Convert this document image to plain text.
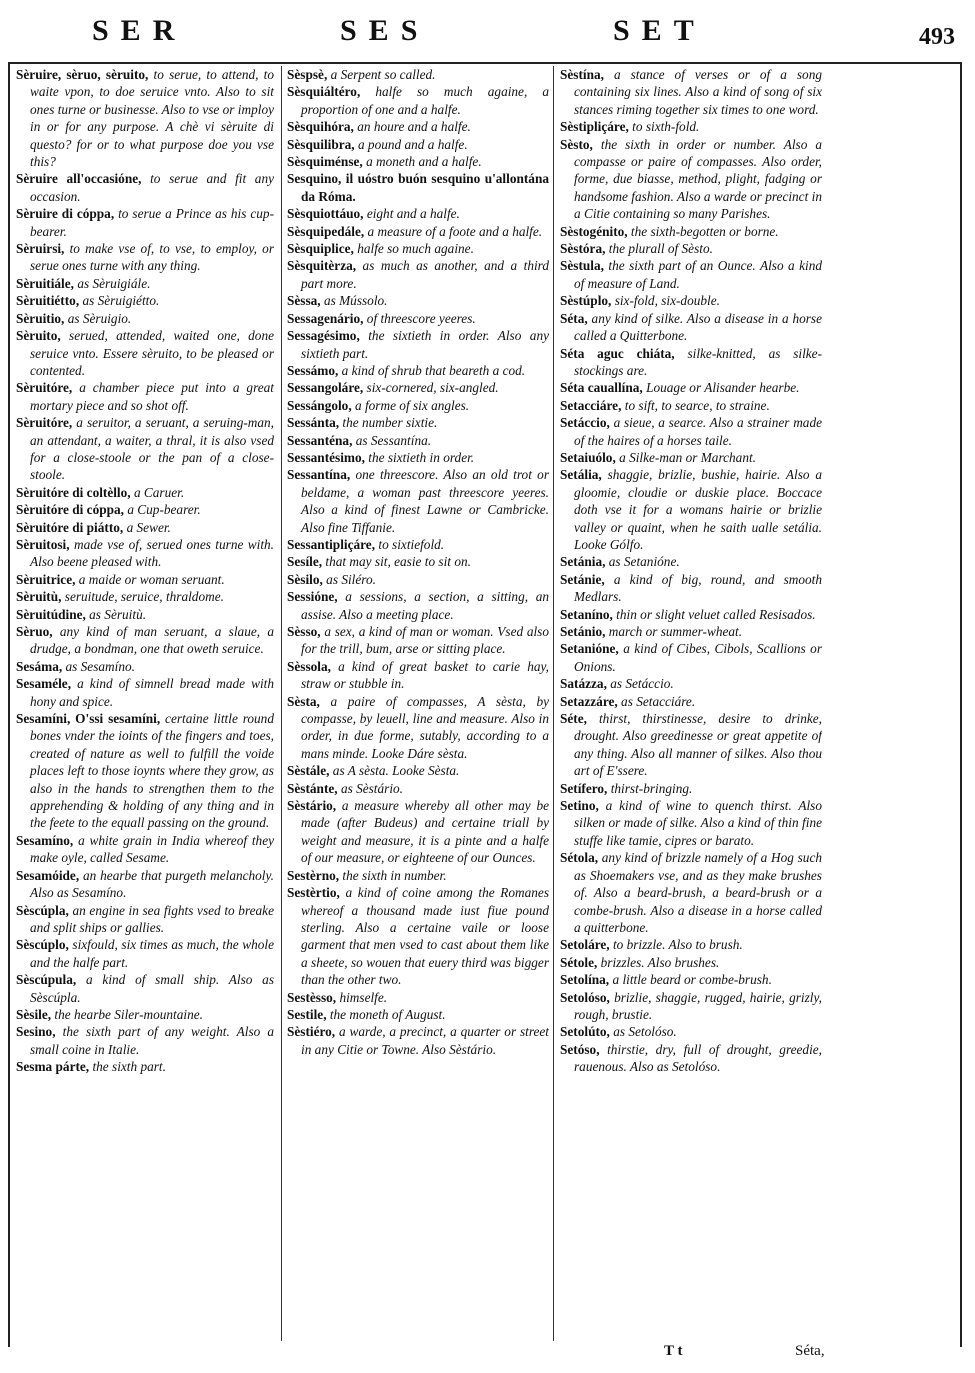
SER	SES	SET	493
Sèruire, sèruo, sèruito, to serue, to attend, to waite vpon, to doe seruice vnto. Also to sit ones turne or businesse. Also to vse or imploy in or for any purpose. A chè vi sèruite di questo? for or to what purpose doe you vse this?
Sèruire all'occasióne, to serue and fit any occasion.
Sèruire di cóppa, to serue a Prince as his cup-bearer.
Sèruirsi, to make vse of, to vse, to employ, or serue ones turne with any thing.
Sèruitiále, as Sèruigiále.
Sèruitiétto, as Sèruigiétto.
Sèruitio, as Sèruigio.
Sèruito, serued, attended, waited one, done seruice vnto. Essere sèruito, to be pleased or contented.
Sèruitóre, a chamber piece put into a great mortary piece and so shot off.
Sèruitóre, a seruitor, a seruant, a seruing-man, an attendant, a waiter, a thral, it is also vsed for a close-stoole or the pan of a close-stoole.
Sèruitóre di coltèllo, a Caruer.
Sèruitóre di cóppa, a Cup-bearer.
Sèruitóre di piátto, a Sewer.
Sèruitosi, made vse of, serued ones turne with. Also beene pleased with.
Sèruitrice, a maide or woman seruant.
Sèruitù, seruitude, seruice, thraldome.
Sèruitúdine, as Sèruitù.
Sèruo, any kind of man seruant, a slaue, a drudge, a bondman, one that oweth seruice.
Sesáma, as Sesamíno.
Sesaméle, a kind of simnell bread made with hony and spice.
Sesamíni, O'ssi sesamíni, certaine little round bones vnder the ioints of the fingers and toes, created of nature as well to fulfill the voide places left to those ioynts where they grow, as also in the hands to strengthen them to the apprehending & holding of any thing and in the feete to the equall passing on the ground.
Sesamíno, a white grain in India whereof they make oyle, called Sesame.
Sesamóide, an hearbe that purgeth melancholy. Also as Sesamíno.
Sèscúpla, an engine in sea fights vsed to breake and split ships or gallies.
Sèscúplo, sixfould, six times as much, the whole and the halfe part.
Sèscúpula, a kind of small ship. Also as Sèscúpla.
Sèsile, the hearbe Siler-mountaine.
Sesino, the sixth part of any weight. Also a small coine in Italie.
Sesma párte, the sixth part.
Sèspsè, a Serpent so called.
Sèsquiáltéro, halfe so much againe, a proportion of one and a halfe.
Sèsquihóra, an houre and a halfe.
Sèsquilibra, a pound and a halfe.
Sèsquiménse, a moneth and a halfe.
Sesquino, il uóstro buón sesquino u'allontána da Róma.
Sèsquiottáuo, eight and a halfe.
Sèsquipedále, a measure of a foote and a halfe.
Sèsquiplice, halfe so much againe.
Sèsquitèrza, as much as another, and a third part more.
Sèssa, as Mússolo.
Sessagenário, of threescore yeeres.
Sessagésimo, the sixtieth in order. Also any sixtieth part.
Sessámo, a kind of shrub that beareth a cod.
Sessangoláre, six-cornered, six-angled.
Sessángolo, a forme of six angles.
Sessánta, the number sixtie.
Sessanténa, as Sessantína.
Sessantésimo, the sixtieth in order.
Sessantína, one threescore. Also an old trot or beldame, a woman past threescore yeeres. Also a kind of finest Lawne or Cambricke. Also fine Tiffanie.
Sessantipliçáre, to sixtiefold.
Sesíle, that may sit, easie to sit on.
Sèsilo, as Siléro.
Sessióne, a sessions, a section, a sitting, an assise. Also a meeting place.
Sèsso, a sex, a kind of man or woman. Vsed also for the trill, bum, arse or sitting place.
Sèssola, a kind of great basket to carie hay, straw or stubble in.
Sèsta, a paire of compasses, A sèsta, by compasse, by leuell, line and measure. Also in order, in due forme, sutably, according to a mans minde. Looke Dáre sèsta.
Sèstále, as A sèsta. Looke Sèsta.
Sèstánte, as Sèstário.
Sèstário, a measure whereby all other may be made (after Budeus) and certaine triall by weight and measure, it is a pinte and a halfe of our measure, or eighteene of our Ounces.
Sestèrno, the sixth in number.
Sestèrtio, a kind of coine among the Romanes whereof a thousand made iust fiue pound sterling. Also a certaine vaile or loose garment that men vsed to cast about them like a sheete, so wouen that euery third was bigger than the other two.
Sestèsso, himselfe.
Sestile, the moneth of August.
Sèstiéro, a warde, a precinct, a quarter or street in any Citie or Towne. Also Sèstário.
Sèstína, a stance of verses or of a song containing six lines. Also a kind of song of six stances riming together six times to one word.
Sèstipliçáre, to sixth-fold.
Sèsto, the sixth in order or number. Also a compasse or paire of compasses. Also order, forme, due biasse, method, plight, fadging or handsome fashion. Also a warde or precinct in a Citie containing so many Parishes.
Sèstogénito, the sixth-begotten or borne.
Sèstóra, the plurall of Sèsto.
Sèstula, the sixth part of an Ounce. Also a kind of measure of Land.
Sèstúplo, six-fold, six-double.
Séta, any kind of silke. Also a disease in a horse called a Quitterbone.
Séta aguc chiáta, silke-knitted, as silke-stockings are.
Séta cauallína, Louage or Alisander hearbe.
Setacciáre, to sift, to searce, to straine.
Setáccio, a sieue, a searce. Also a strainer made of the haires of a horses taile.
Setaiuólo, a Silke-man or Marchant.
Setália, shaggie, brizlie, bushie, hairie. Also a gloomie, cloudie or duskie place. Boccace doth vse it for a womans hairie or brizlie valley or quaint, when he saith ualle setália. Looke Gólfo.
Setánia, as Setanióne.
Setánie, a kind of big, round, and smooth Medlars.
Setaníno, thin or slight veluet called Resisados.
Setánio, march or summer-wheat.
Setanióne, a kind of Cibes, Cibols, Scallions or Onions.
Satázza, as Setáccio.
Setazzáre, as Setacciáre.
Séte, thirst, thirstinesse, desire to drinke, drought. Also greedinesse or great appetite of any thing. Also all manner of silkes. Also thou art of E'ssere.
Setífero, thirst-bringing.
Setino, a kind of wine to quench thirst. Also silken or made of silke. Also a kind of thin fine stuffe like tamie, cipres or barato.
Sétola, any kind of brizzle namely of a Hog such as Shoemakers vse, and as they make brushes of. Also a beard-brush, a beard-brush or a combe-brush. Also a disease in a horse called a quitterbone.
Setoláre, to brizzle. Also to brush.
Sétole, brizzles. Also brushes.
Setolína, a little beard or combe-brush.
Setolóso, brizlie, shaggie, rugged, hairie, grizly, rough, brustie.
Setolúto, as Setolóso.
Setóso, thirstie, dry, full of drought, greedie, rauenous. Also as Setolóso.
T t	Séta,
